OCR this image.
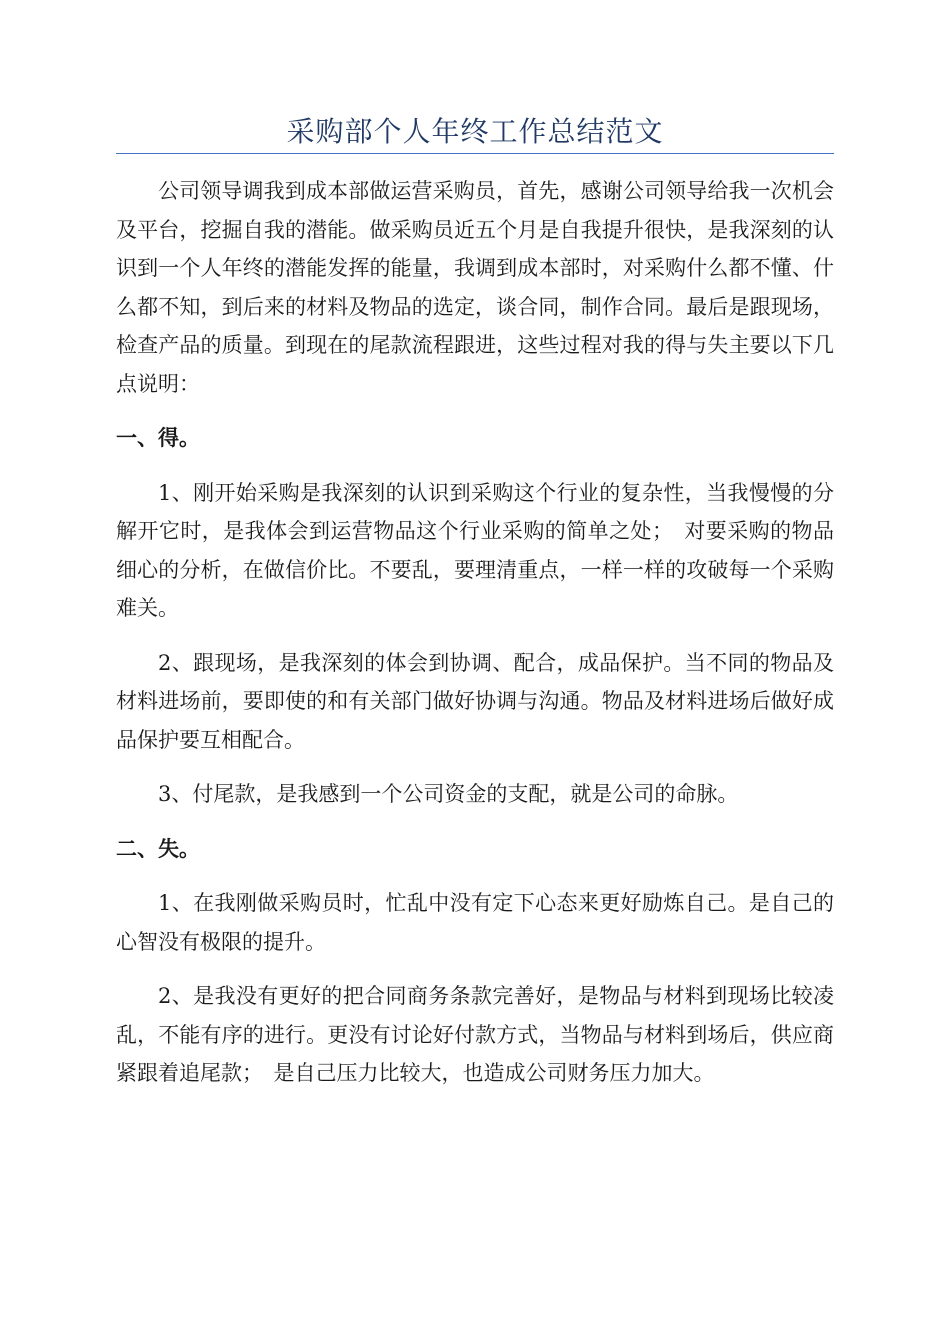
采购部个人年终工作总结范文

公司领导调我到成本部做运营采购员，首先，感谢公司领导给我一次机会及平台，挖掘自我的潜能。做采购员近五个月是自我提升很快，是我深刻的认识到一个人年终的潜能发挥的能量，我调到成本部时，对采购什么都不懂、什么都不知，到后来的材料及物品的选定，谈合同，制作合同。最后是跟现场，检查产品的质量。到现在的尾款流程跟进，这些过程对我的得与失主要以下几点说明：

一、得。

1、刚开始采购是我深刻的认识到采购这个行业的复杂性，当我慢慢的分解开它时，是我体会到运营物品这个行业采购的简单之处；　对要采购的物品细心的分析，在做信价比。不要乱，要理清重点，一样一样的攻破每一个采购难关。

2、跟现场，是我深刻的体会到协调、配合，成品保护。当不同的物品及材料进场前，要即使的和有关部门做好协调与沟通。物品及材料进场后做好成品保护要互相配合。

3、付尾款，是我感到一个公司资金的支配，就是公司的命脉。

二、失。

1、在我刚做采购员时，忙乱中没有定下心态来更好励炼自己。是自己的心智没有极限的提升。

2、是我没有更好的把合同商务条款完善好，是物品与材料到现场比较凌乱，不能有序的进行。更没有讨论好付款方式，当物品与材料到场后，供应商紧跟着追尾款；　是自己压力比较大，也造成公司财务压力加大。
